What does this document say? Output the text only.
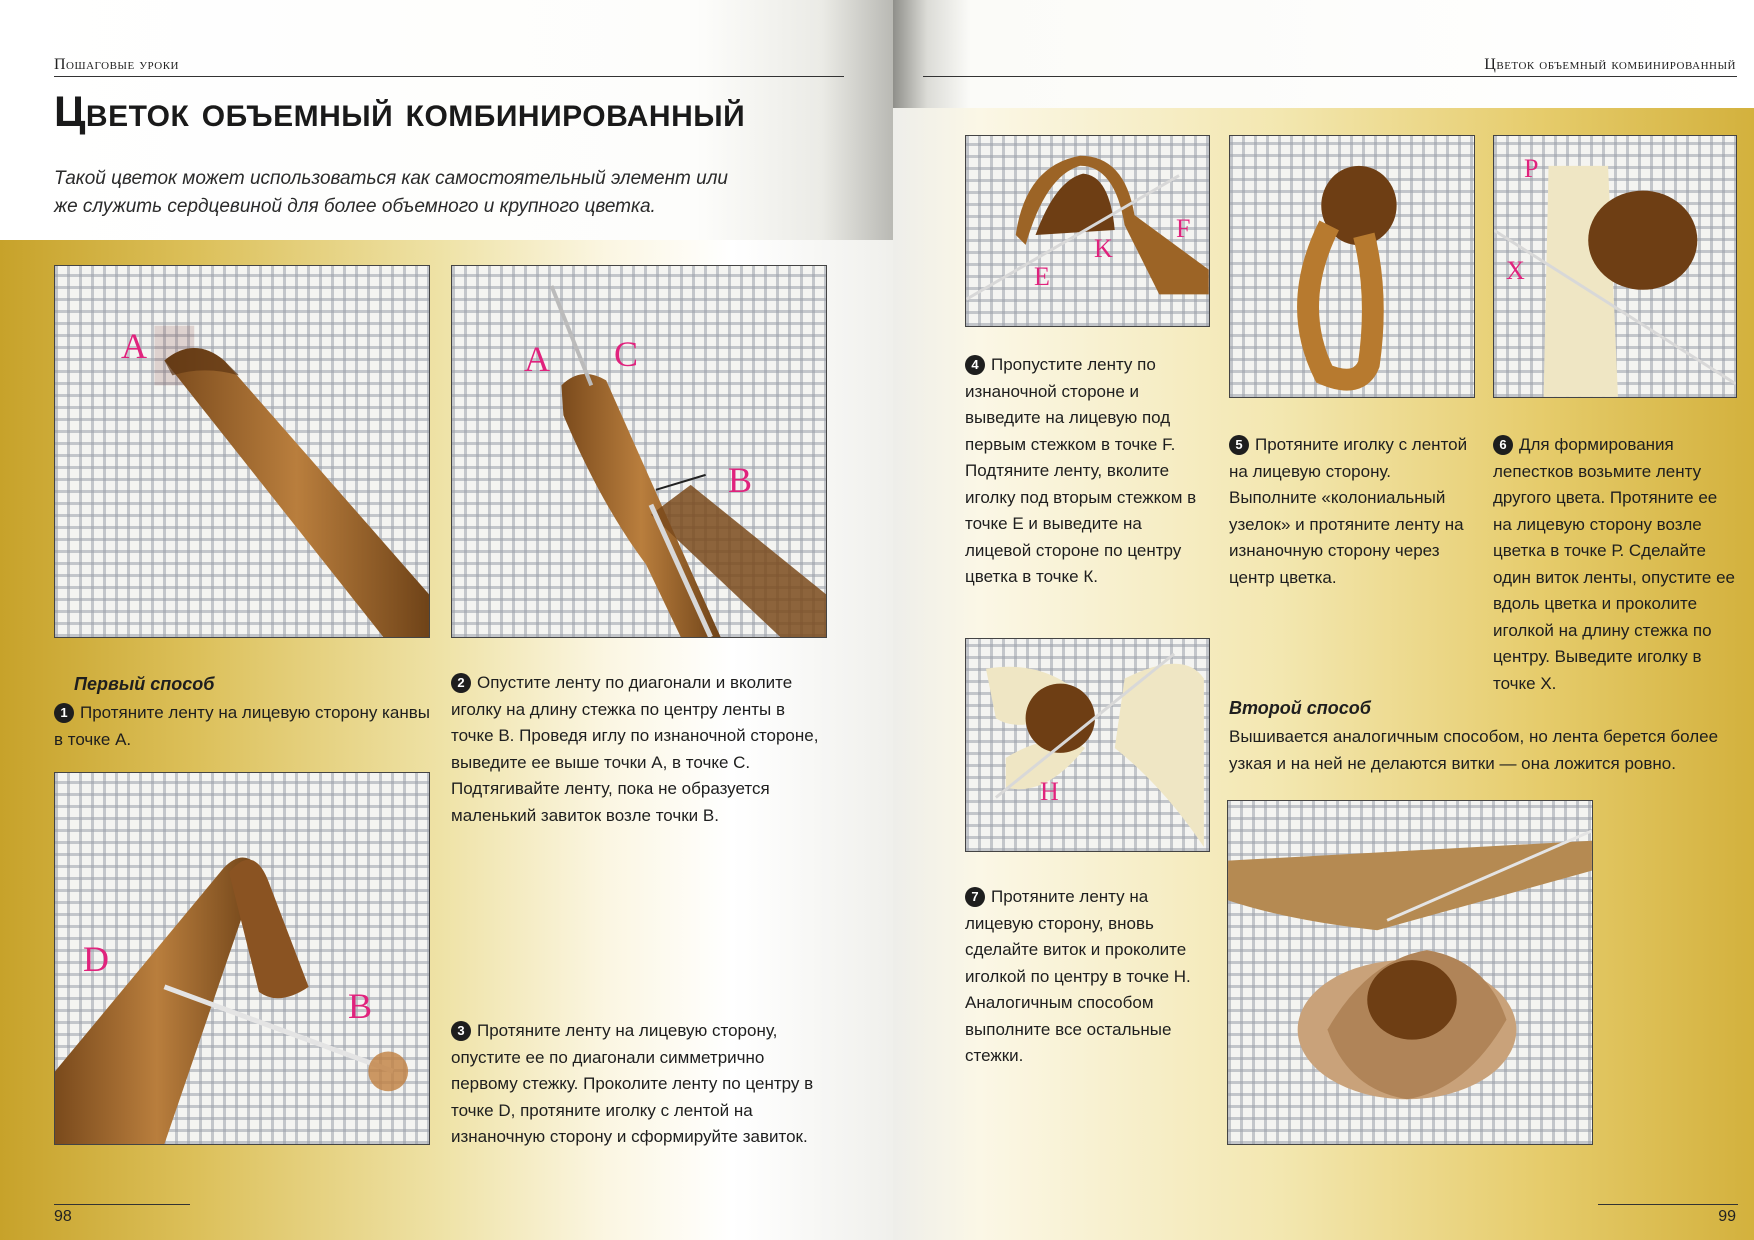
Пошаговые уроки
Цветок объемный комбинированный
Такой цветок может использоваться как самостоятельный элемент или же служить сердцевиной для более объемного и крупного цветка.
A	A C
B
Первый способ
1 Протяните ленту на лицевую сторону канвы в точке А.
2 Опустите ленту по диагонали и вколите иголку на длину стежка по центру ленты в точке В. Проведя иглу по изнаночной стороне, выведите ее выше точки А, в точке С. Подтягивайте ленту, пока не образуется маленький завиток возле точки В.
D
B
3 Протяните ленту на лицевую сторону, опустите ее по диагонали симметрично первому стежку. Проколите ленту по центру в точке D, протяните иголку с лентой на изнаночную сторону и сформируйте завиток.
98
Цветок объемный комбинированный
E
K
F
P
X
4 Пропустите ленту по изнаночной стороне и выведите на лицевую под первым стежком в точке F. Подтяните ленту, вколите иголку под вторым стежком в точке Е и выведите на лицевой стороне по центру цветка в точке К.
5 Протяните иголку с лентой на лицевую сторону. Выполните «колониальный узелок» и протяните ленту на изнаночную сторону через центр цветка.
6 Для формирования лепестков возьмите ленту другого цвета. Протяните ее на лицевую сторону возле цветка в точке Р. Сделайте один виток ленты, опустите ее вдоль цветка и проколите иголкой на длину стежка по центру. Выведите иголку в точке Х.
H
Второй способ
Вышивается аналогичным способом, но лента берется более узкая и на ней не делаются витки — она ложится ровно.
7 Протяните ленту на лицевую сторону, вновь сделайте виток и проколите иголкой по центру в точке Н. Аналогичным способом выполните все остальные стежки.
99
